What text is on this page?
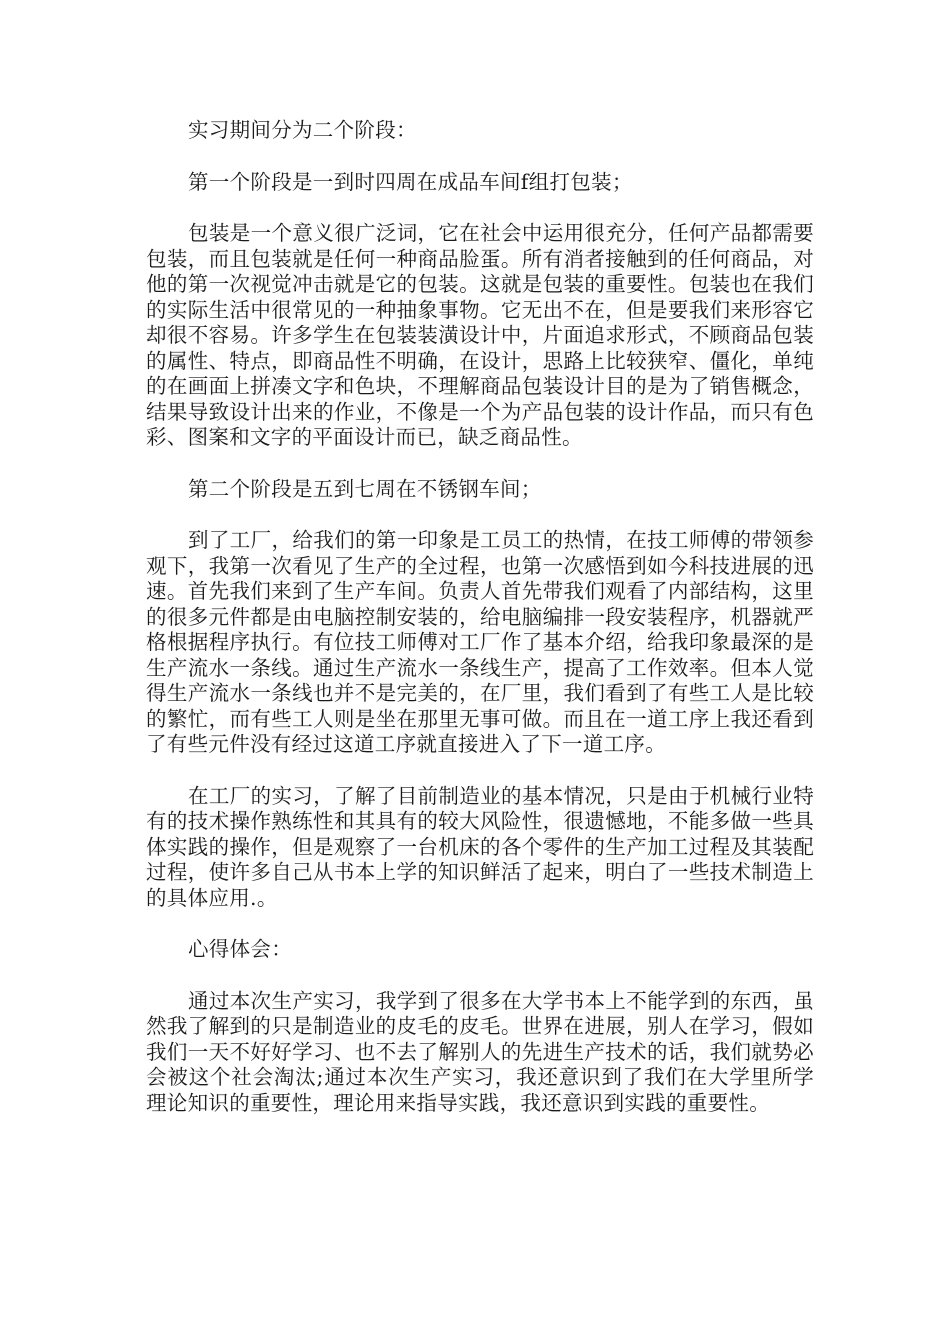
实习期间分为二个阶段：

第一个阶段是一到时四周在成品车间f组打包装；

包装是一个意义很广泛词，它在社会中运用很充分，任何产品都需要包装，而且包装就是任何一种商品脸蛋。所有消者接触到的任何商品，对他的第一次视觉冲击就是它的包装。这就是包装的重要性。包装也在我们的实际生活中很常见的一种抽象事物。它无出不在，但是要我们来形容它却很不容易。许多学生在包装装潢设计中，片面追求形式，不顾商品包装的属性、特点，即商品性不明确，在设计，思路上比较狭窄、僵化，单纯的在画面上拼凑文字和色块，不理解商品包装设计目的是为了销售概念，结果导致设计出来的作业，不像是一个为产品包装的设计作品，而只有色彩、图案和文字的平面设计而已，缺乏商品性。

第二个阶段是五到七周在不锈钢车间；

到了工厂，给我们的第一印象是工员工的热情，在技工师傅的带领参观下，我第一次看见了生产的全过程，也第一次感悟到如今科技进展的迅速。首先我们来到了生产车间。负责人首先带我们观看了内部结构，这里的很多元件都是由电脑控制安装的，给电脑编排一段安装程序，机器就严格根据程序执行。有位技工师傅对工厂作了基本介绍，给我印象最深的是生产流水一条线。通过生产流水一条线生产，提高了工作效率。但本人觉得生产流水一条线也并不是完美的，在厂里，我们看到了有些工人是比较的繁忙，而有些工人则是坐在那里无事可做。而且在一道工序上我还看到了有些元件没有经过这道工序就直接进入了下一道工序。

在工厂的实习，了解了目前制造业的基本情况，只是由于机械行业特有的技术操作熟练性和其具有的较大风险性，很遗憾地，不能多做一些具体实践的操作，但是观察了一台机床的各个零件的生产加工过程及其装配过程，使许多自己从书本上学的知识鲜活了起来，明白了一些技术制造上的具体应用.。

心得体会：

通过本次生产实习，我学到了很多在大学书本上不能学到的东西，虽然我了解到的只是制造业的皮毛的皮毛。世界在进展，别人在学习，假如我们一天不好好学习、也不去了解别人的先进生产技术的话，我们就势必会被这个社会淘汰;通过本次生产实习，我还意识到了我们在大学里所学理论知识的重要性，理论用来指导实践，我还意识到实践的重要性。
